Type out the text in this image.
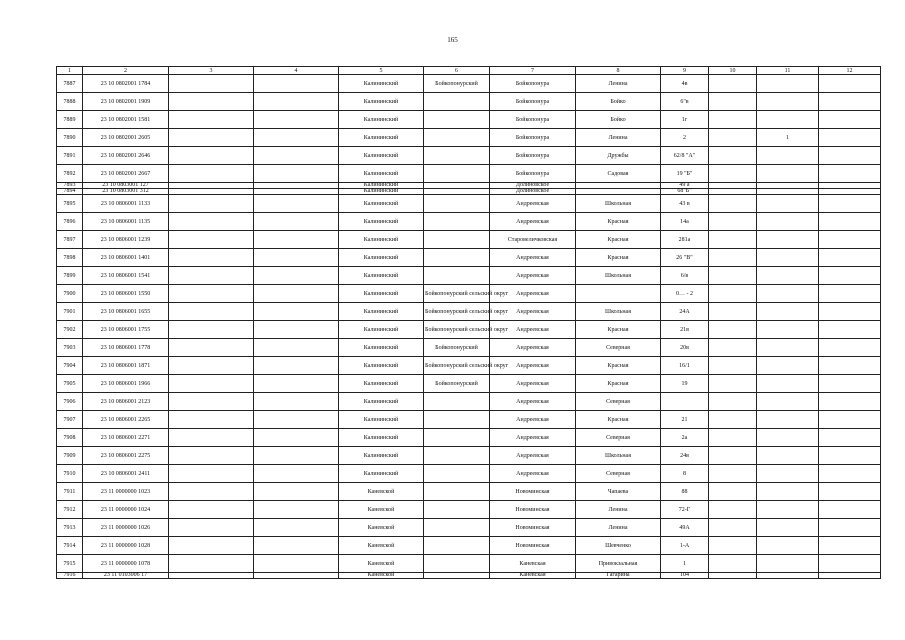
165
1	2	3	4	5	6	7	8	9	10	11	12
7887	23 10 0802001 1784			Калининский	Бойкопонурский	Бойкопонура	Ленина	4в			
7888	23 10 0802001 1909			Калининский		Бойкопонура	Бойко	6"в			
7889	23 10 0802001 1581			Калининский		Бойкопонура	Бойко	1г			
7890	23 10 0802001 2605			Калининский		Бойкопонура	Ленина	2		1	
7891	23 10 0802001 2646			Калининский		Бойкопонура	Дружбы	62/8 "А"			
7892	23 10 0802001 2667			Калининский		Бойкопонура	Садовая	19 "Б"			
7893	23 10 0803001 127			Калининский		Долиновское		49 а			
7894	23 10 0803001 312			Калининский		Долиновское		68"Б"			
7895	23 10 0806001 1133			Калининский		Андреевская	Школьная	43 в			
7896	23 10 0806001 1135			Калининский		Андреевская	Красная	14а			
7897	23 10 0806001 1239			Калининский		Старовеличковская	Красная	281а			
7898	23 10 0806001 1401			Калининский		Андреевская	Красная	26 "В"			
7899	23 10 0806001 1541			Калининский		Андреевская	Школьная	6/в			
7900	23 10 0806001 1550			Калининский	Бойкопонурский сельский округ	Андреевская		0… - 2			
7901	23 10 0806001 1655			Калининский	Бойкопонурский сельский округ	Андреевская	Школьная	24А			
7902	23 10 0806001 1755			Калининский	Бойкопонурский сельский округ	Андреевская	Красная	21в			
7903	23 10 0806001 1778			Калининский	Бойкопонурский	Андреевская	Северная	20в			
7904	23 10 0806001 1871			Калининский	Бойкопонурский сельский округ	Андреевская	Красная	16/1			
7905	23 10 0806001 1966			Калининский	Бойкопонурский	Андреевская	Красная	19			
7906	23 10 0806001 2123			Калининский		Андреевская	Северная				
7907	23 10 0806001 2265			Калининский		Андреевская	Красная	21			
7908	23 10 0806001 2271			Калининский		Андреевская	Северная	2а			
7909	23 10 0806001 2275			Калининский		Андреевская	Школьная	24в			
7910	23 10 0806001 2411			Калининский		Андреевская	Северная	8			
7911	23 11 0000000 1023			Каневской		Новоминская	Чапаева	88			
7912	23 11 0000000 1024			Каневской		Новоминская	Ленина	72-Г			
7913	23 11 0000000 1026			Каневской		Новоминская	Ленина	49А			
7914	23 11 0000000 1028			Каневской		Новоминская	Шевченко	1-А			
7915	23 11 0000000 1078			Каневской		Каневская	Привокзальная	1			
7916	23 11 0103006 17			Каневской		Каневская	Гагарина	104			
